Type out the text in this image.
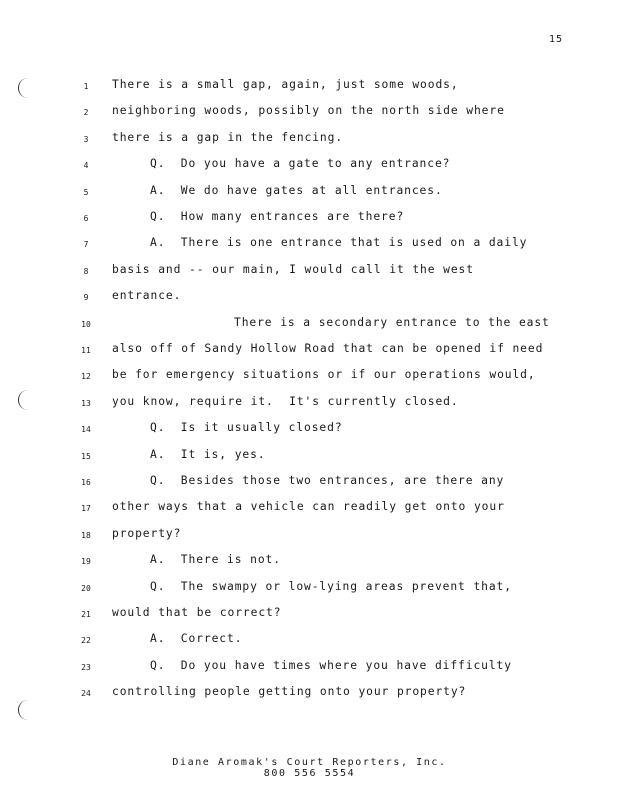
15
1	There is a small gap, again, just some woods,
2	neighboring woods, possibly on the north side where
3	there is a gap in the fencing.
4	Q.  Do you have a gate to any entrance?
5	A.  We do have gates at all entrances.
6	Q.  How many entrances are there?
7	A.  There is one entrance that is used on a daily
8	basis and -- our main, I would call it the west
9	entrance.
10	There is a secondary entrance to the east
11 also off of Sandy Hollow Road that can be opened if need
12 be for emergency situations or if our operations would,
13 you know, require it.  It's currently closed.
14	Q.  Is it usually closed?
15	A.  It is, yes.
16	Q.  Besides those two entrances, are there any
17 other ways that a vehicle can readily get onto your
18 property?
19	A.  There is not.
20	Q.  The swampy or low-lying areas prevent that,
21 would that be correct?
22	A.  Correct.
23	Q.  Do you have times where you have difficulty
24 controlling people getting onto your property?
Diane Aromak's Court Reporters, Inc.
800 556 5554
